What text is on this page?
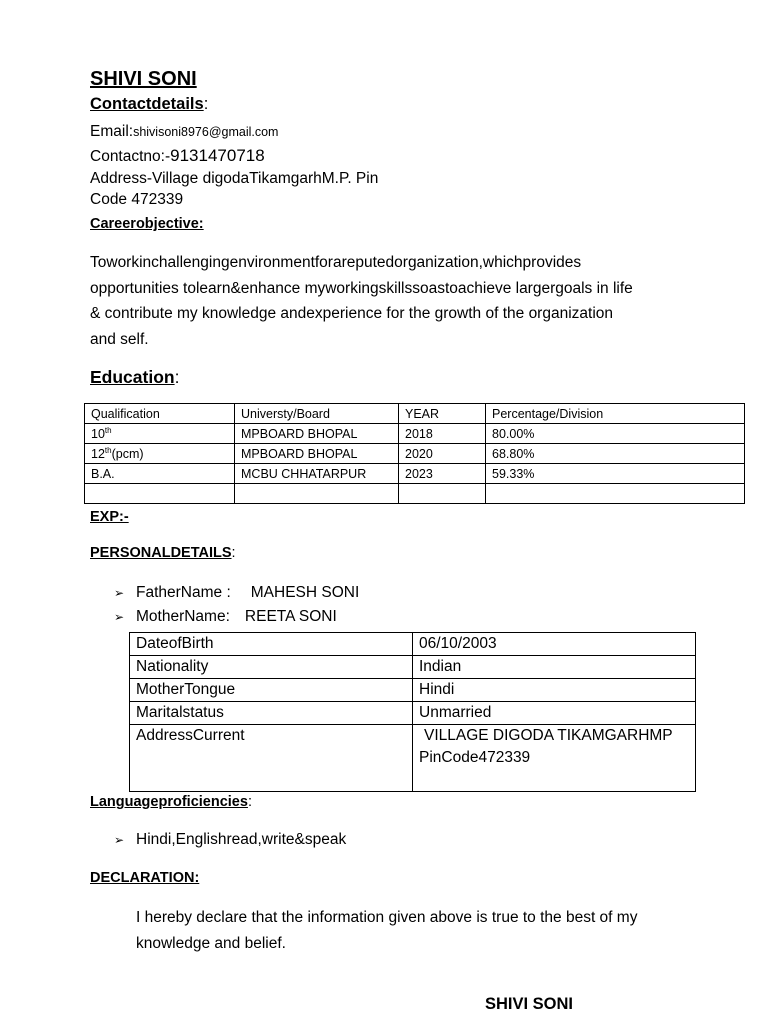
SHIVI SONI
Contactdetails:
Email:shivisoni8976@gmail.com
Contactno:-9131470718
Address-Village digodaTikamgarhM.P. Pin
Code 472339
Careerobjective:
Toworkinchallengingenvironmentforareputedorganization,whichprovides
opportunities tolearn&enhance myworkingskillssoastoachieve largergoals in life
& contribute my knowledge andexperience for the growth of the organization
and self.
Education:
Qualification	Universty/Board	YEAR	Percentage/Division
10th	MPBOARD BHOPAL	2018	80.00%
12th(pcm)	MPBOARD BHOPAL	2020	68.80%
B.A.	MCBU CHHATARPUR	2023	59.33%

EXP:-
PERSONALDETAILS:
➢ FatherName : MAHESH SONI
➢ MotherName: REETA SONI
DateofBirth	06/10/2003
Nationality	Indian
MotherTongue	Hindi
Maritalstatus	Unmarried
AddressCurrent	VILLAGE DIGODA TIKAMGARHMP
PinCode472339
Languageproficiencies:
➢ Hindi,Englishread,write&speak
DECLARATION:
I hereby declare that the information given above is true to the best of my
knowledge and belief.
SHIVI SONI
